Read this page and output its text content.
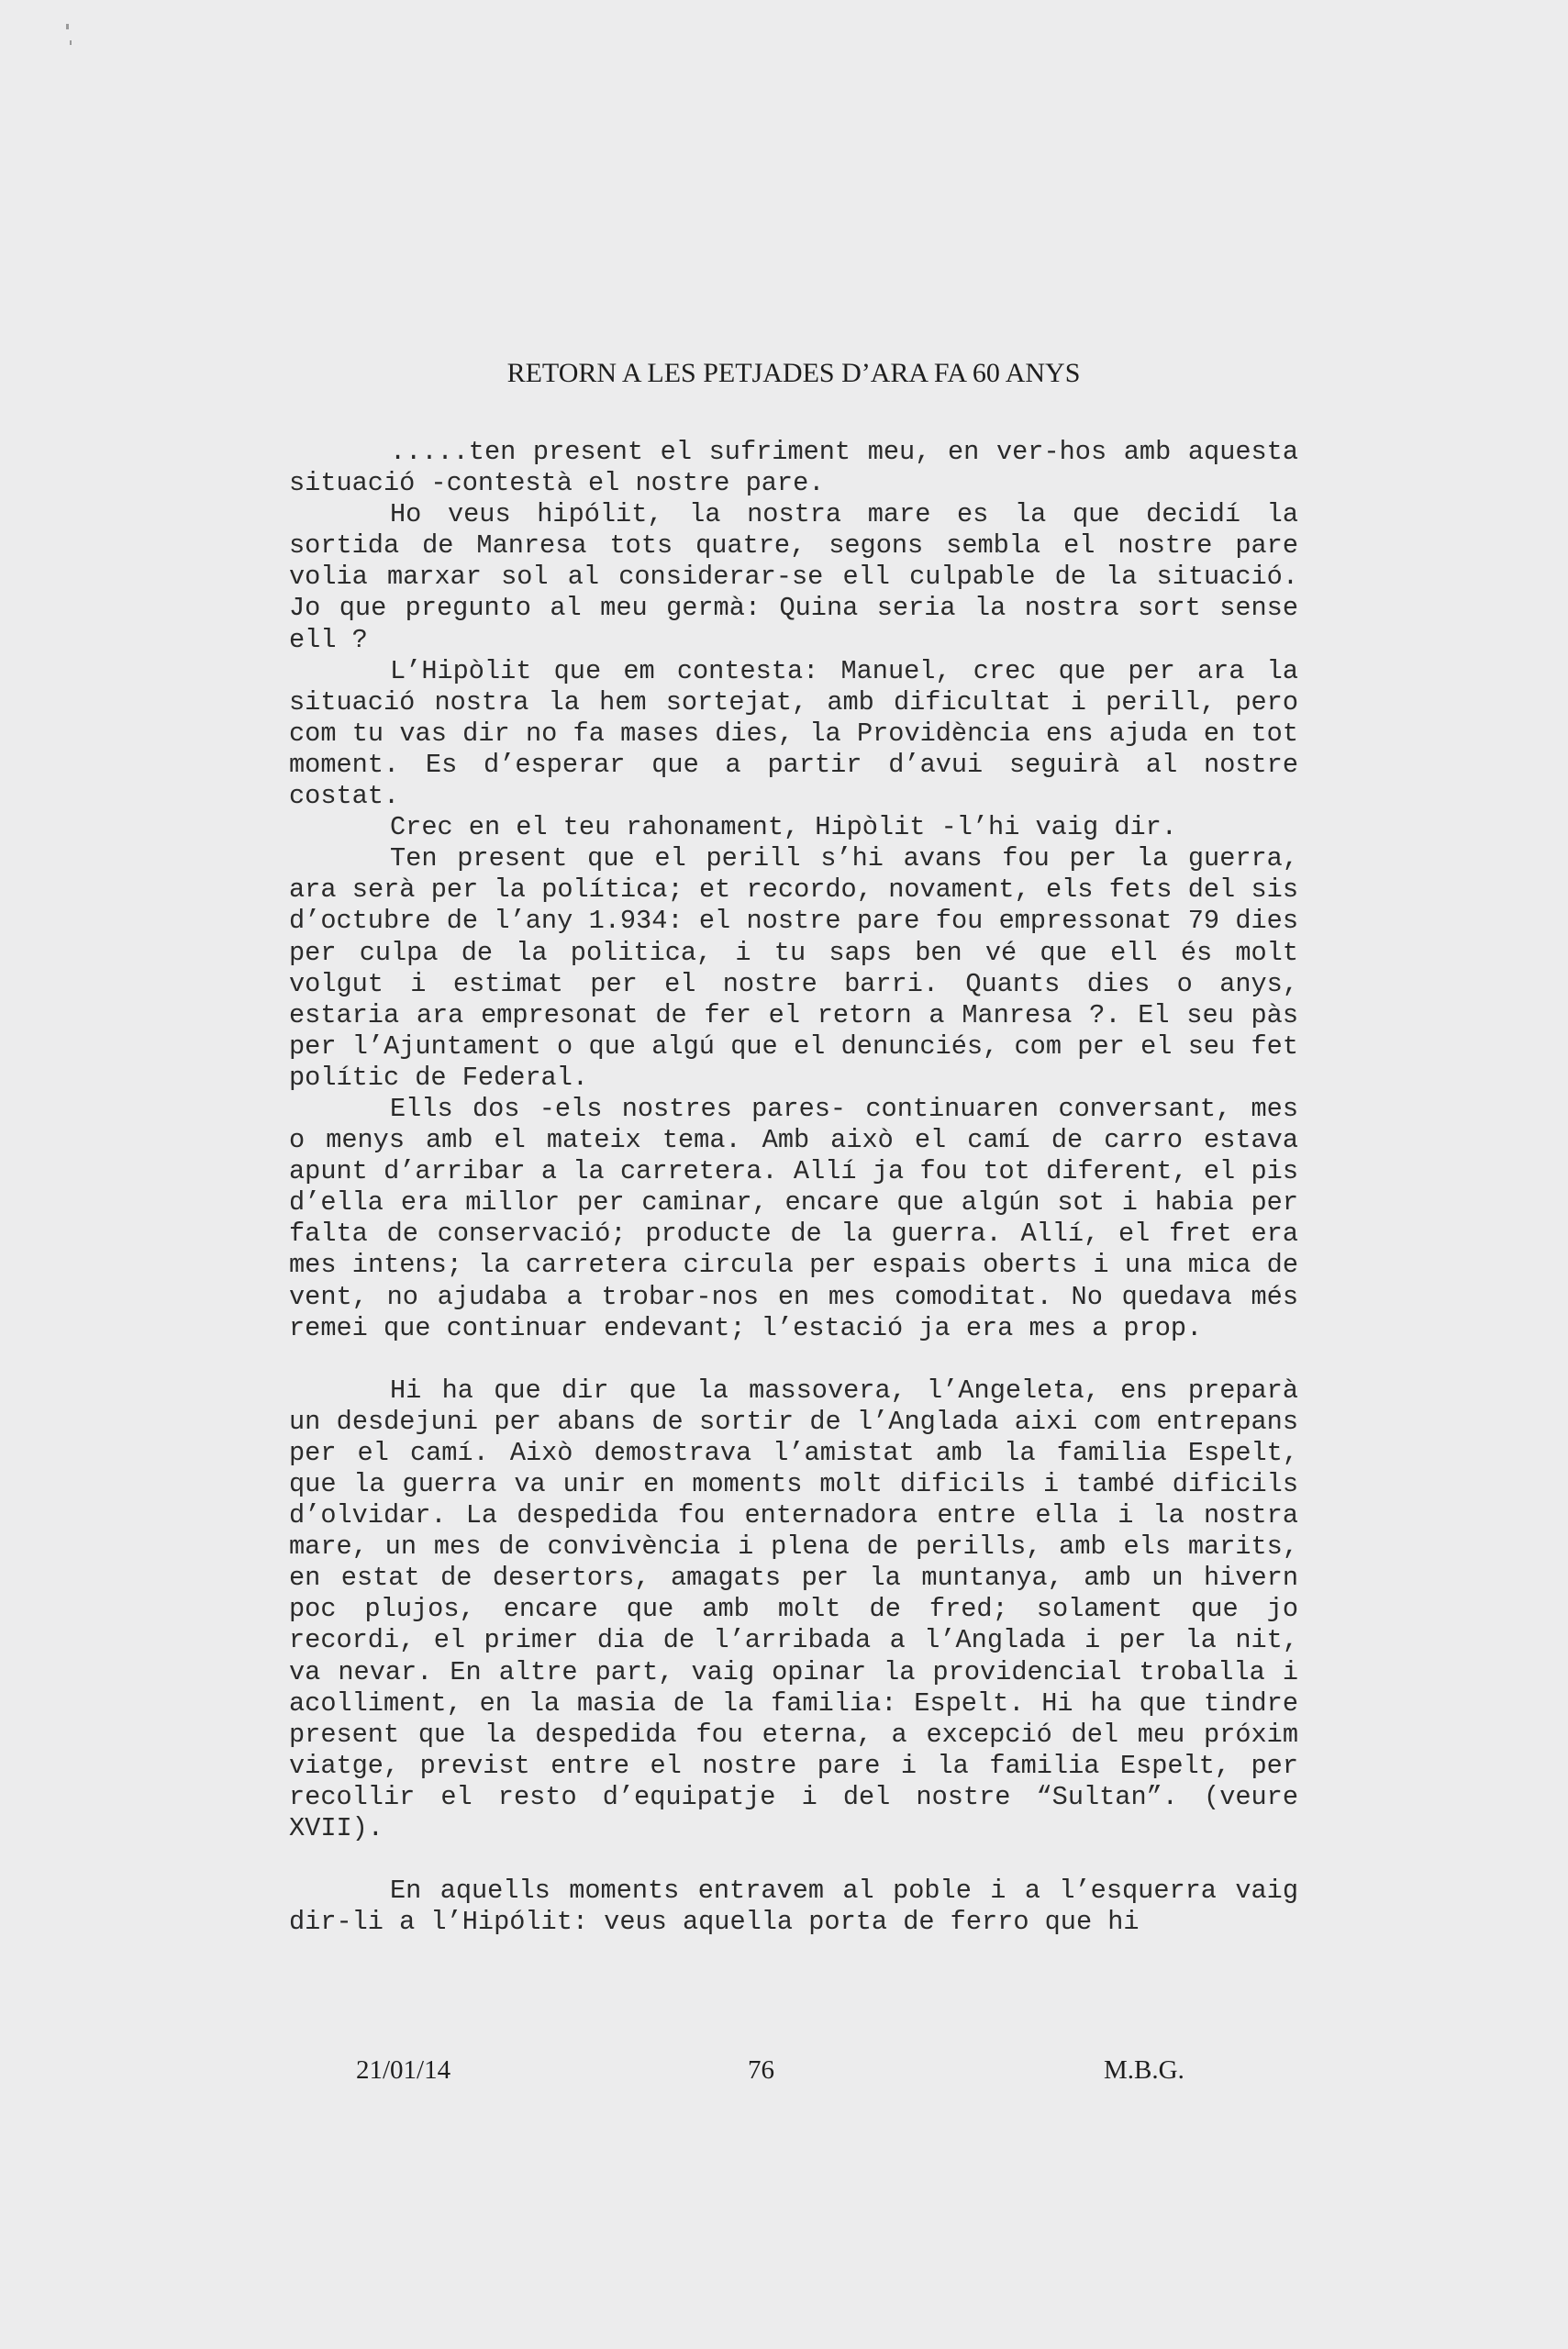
RETORN A LES PETJADES D’ARA FA 60 ANYS

.....ten present el sufriment meu, en ver-hos amb aquesta situació -contestà el nostre pare.

Ho veus hipólit, la nostra mare es la que decidí la sortida de Manresa tots quatre, segons sembla el nostre pare volia marxar sol al considerar-se ell culpable de la situació. Jo que pregunto al meu germà: Quina seria la nostra sort sense ell ?

L’Hipòlit que em contesta: Manuel, crec que per ara la situació nostra la hem sortejat, amb dificultat i perill, pero com tu vas dir no fa mases dies, la Providència ens ajuda en tot moment. Es d’esperar que a partir d’avui seguirà al nostre costat.

Crec en el teu rahonament, Hipòlit -l’hi vaig dir.

Ten present que el perill s’hi avans fou per la guerra, ara serà per la política; et recordo, novament, els fets del sis d’octubre de l’any 1.934: el nostre pare fou empressonat 79 dies per culpa de la politica, i tu saps ben vé que ell és molt volgut i estimat per el nostre barri. Quants dies o anys, estaria ara empresonat de fer el retorn a Manresa ?. El seu pàs per l’Ajuntament o que algú que el denunciés, com per el seu fet polític de Federal.

Ells dos -els nostres pares- continuaren conversant, mes o menys amb el mateix tema. Amb això el camí de carro estava apunt d’arribar a la carretera. Allí ja fou tot diferent, el pis d’ella era millor per caminar, encare que algún sot i habia per falta de conservació; producte de la guerra. Allí, el fret era mes intens; la carretera circula per espais oberts i una mica de vent, no ajudaba a trobar-nos en mes comoditat. No quedava més remei que continuar endevant; l’estació ja era mes a prop.

Hi ha que dir que la massovera, l’Angeleta, ens preparà un desdejuni per abans de sortir de l’Anglada aixi com entrepans per el camí. Això demostrava l’amistat amb la familia Espelt, que la guerra va unir en moments molt dificils i també dificils d’olvidar. La despedida fou enternadora entre ella i la nostra mare, un mes de convivència i plena de perills, amb els marits, en estat de desertors, amagats per la muntanya, amb un hivern poc plujos, encare que amb molt de fred; solament que jo recordi, el primer dia de l’arribada a l’Anglada i per la nit, va nevar. En altre part, vaig opinar la providencial troballa i acolliment, en la masia de la familia: Espelt. Hi ha que tindre present que la despedida fou eterna, a excepció del meu próxim viatge, previst entre el nostre pare i la familia Espelt, per recollir el resto d’equipatje i del nostre “Sultan”. (veure XVII).

En aquells moments entravem al poble i a l’esquerra vaig dir-li a l’Hipólit: veus aquella porta de ferro que hi

21/01/14	76	M.B.G.
